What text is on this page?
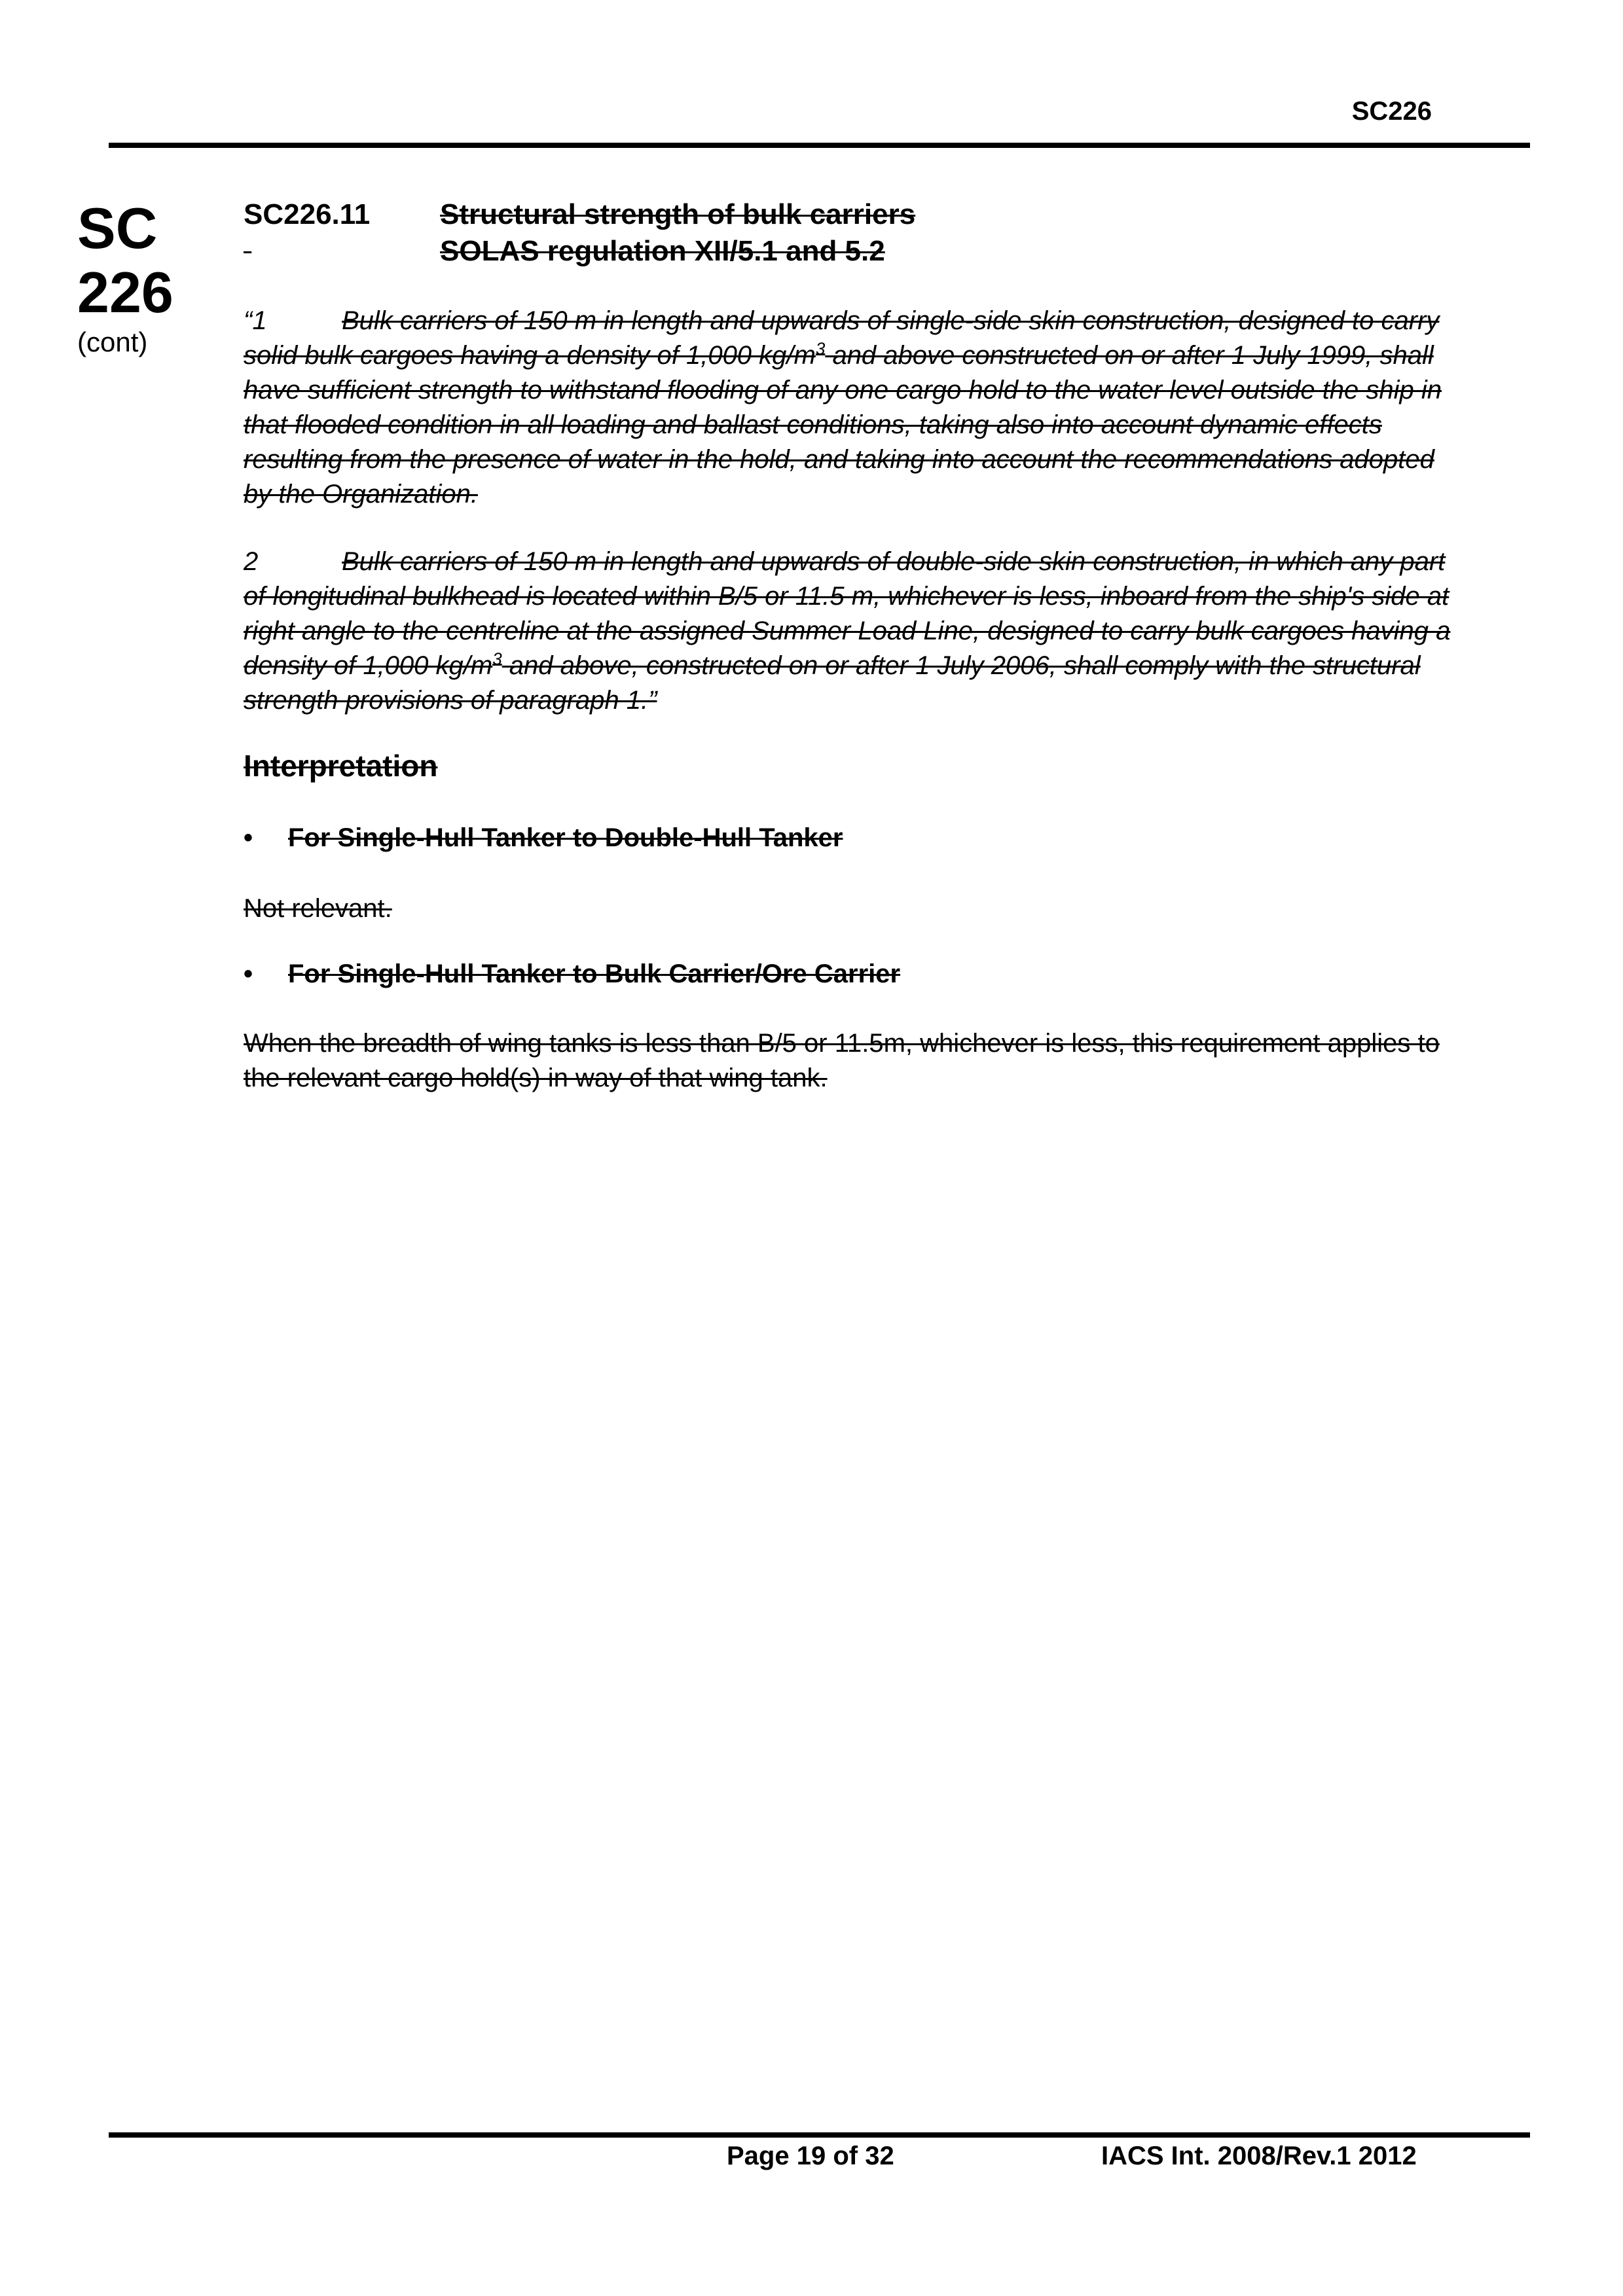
SC226
SC
226
(cont)
SC226.11 Structural strength of bulk carriers
SOLAS regulation XII/5.1 and 5.2
“1	Bulk carriers of 150 m in length and upwards of single-side skin construction, designed to carry solid bulk cargoes having a density of 1,000 $kg/m^3$ and above constructed on or after 1 July 1999, shall have sufficient strength to withstand flooding of any one cargo hold to the water level outside the ship in that flooded condition in all loading and ballast conditions, taking also into account dynamic effects resulting from the presence of water in the hold, and taking into account the recommendations adopted by the Organization.
2	Bulk carriers of 150 m in length and upwards of double-side skin construction, in which any part of longitudinal bulkhead is located within B/5 or 11.5 m, whichever is less, inboard from the ship's side at right angle to the centreline at the assigned Summer Load Line, designed to carry bulk cargoes having a density of 1,000 $kg/m^3$ and above, constructed on or after 1 July 2006, shall comply with the structural strength provisions of paragraph 1.”
Interpretation
• For Single-Hull Tanker to Double-Hull Tanker
Not relevant.
• For Single-Hull Tanker to Bulk Carrier/Ore Carrier
When the breadth of wing tanks is less than B/5 or 11.5m, whichever is less, this requirement applies to the relevant cargo hold(s) in way of that wing tank.
Page 19 of 32	IACS Int. 2008/Rev.1 2012
